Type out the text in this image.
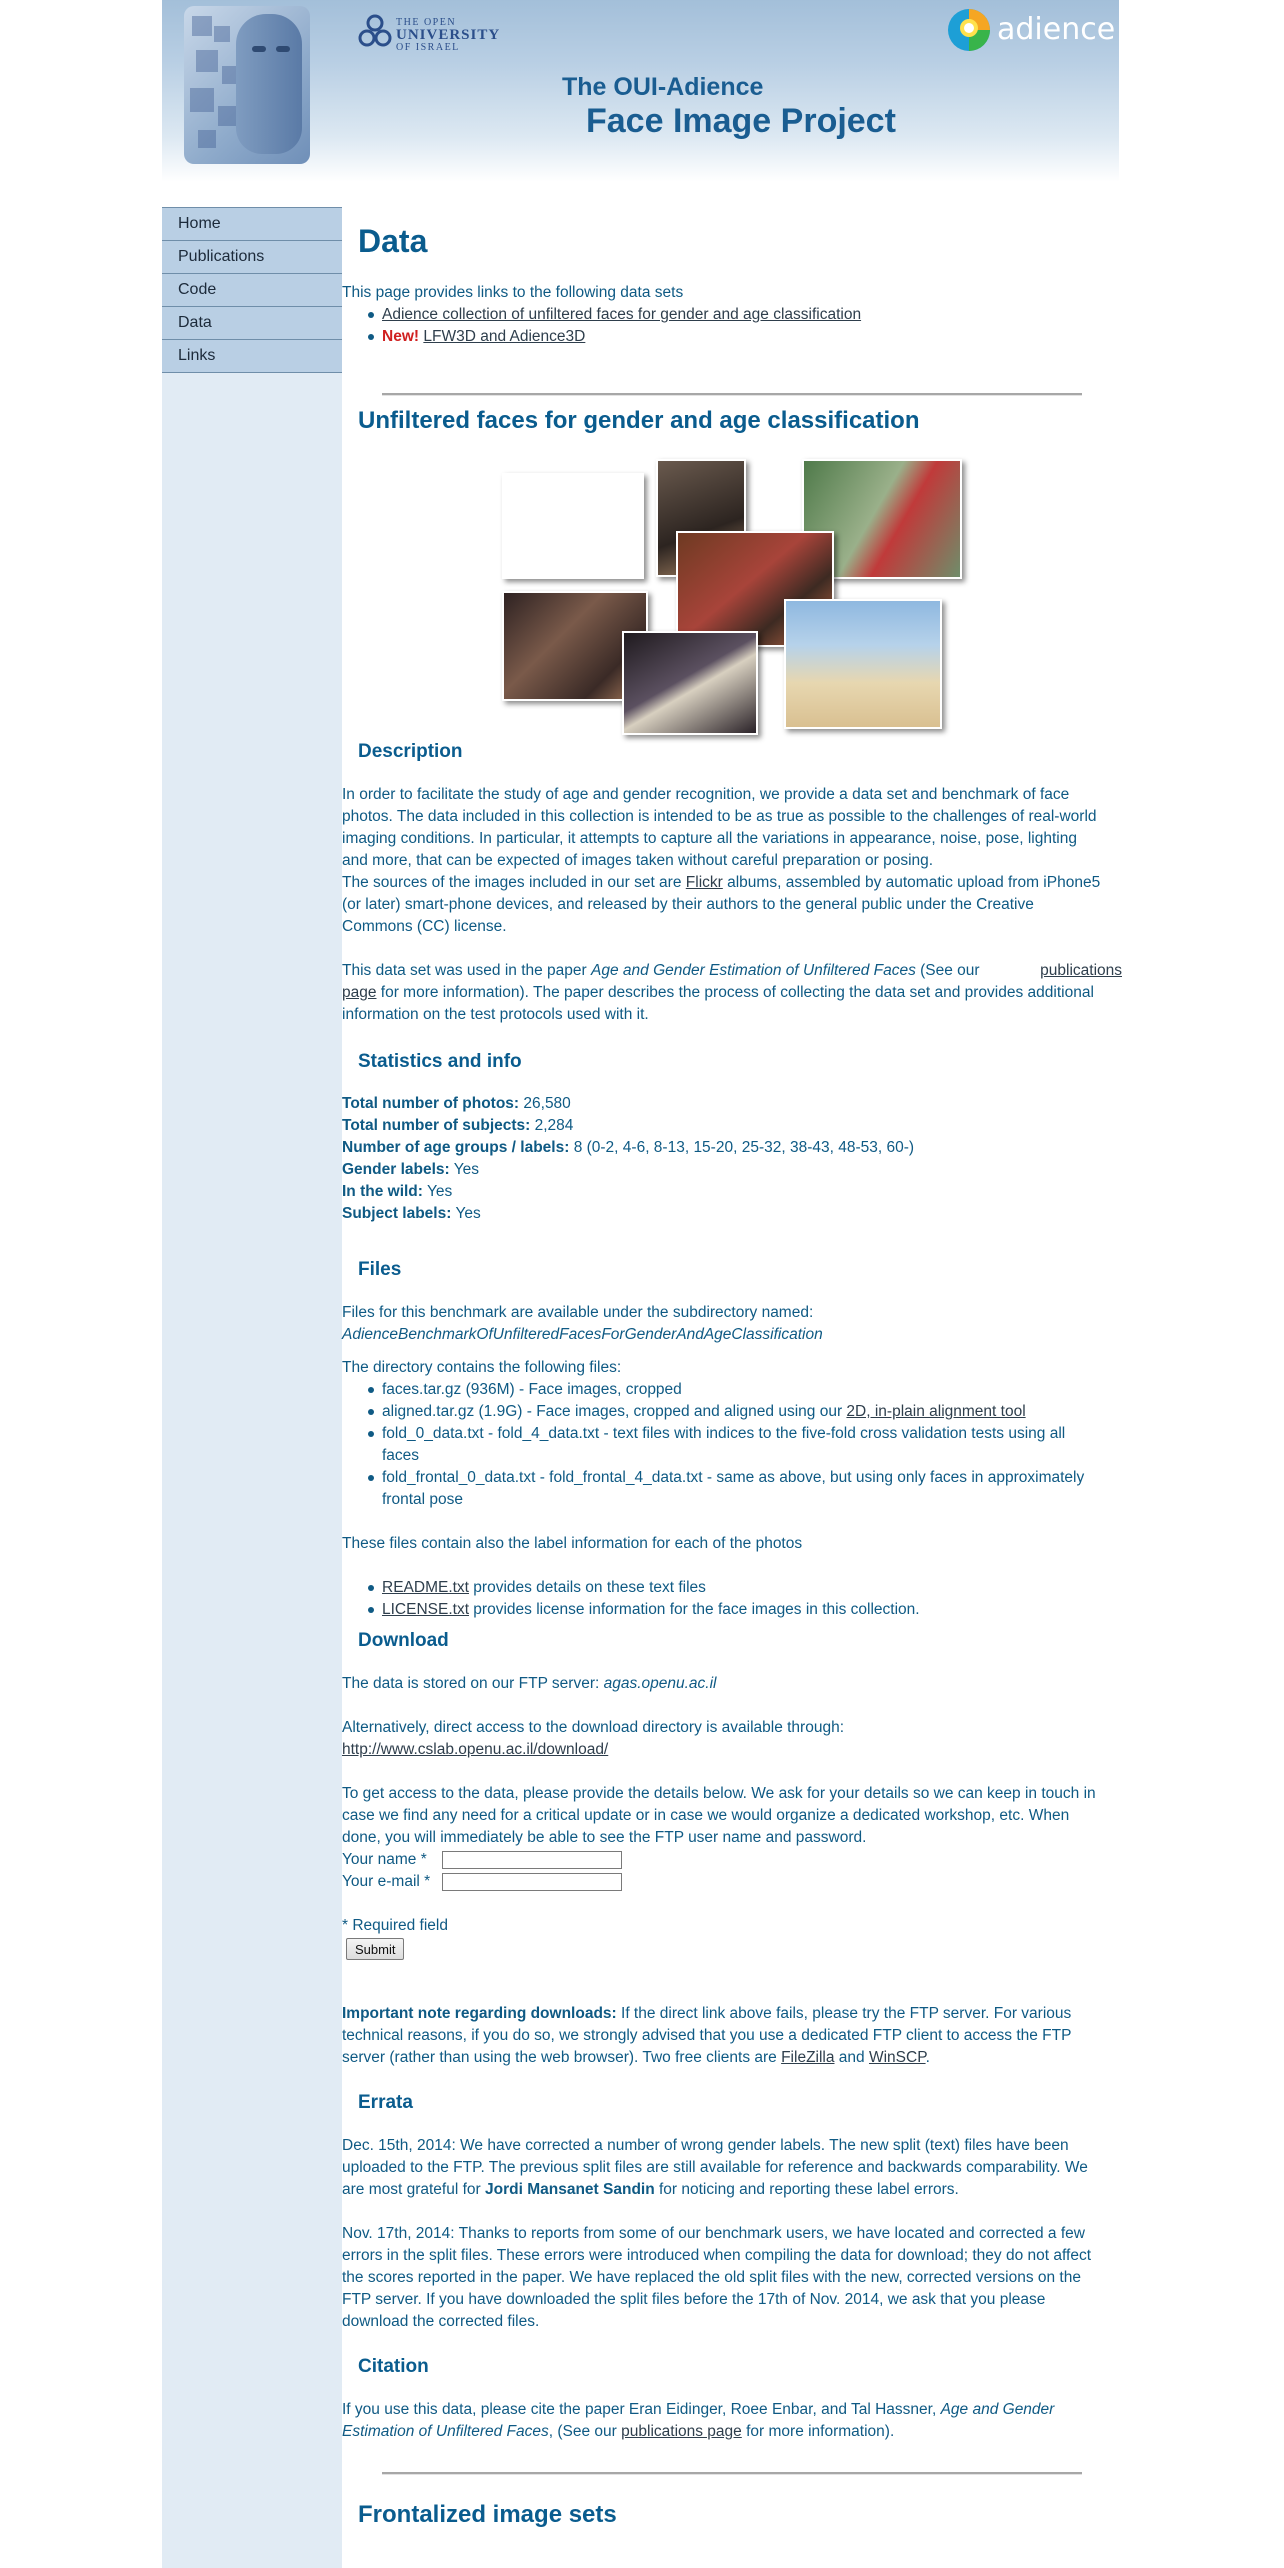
THE OPEN
UNIVERSITY
OF ISRAEL
adience
The OUI-Adience
Face Image Project
Home
Publications
Code
Data
Links
Data
This page provides links to the following data sets
Adience collection of unfiltered faces for gender and age classification
New! LFW3D and Adience3D
Unfiltered faces for gender and age classification
Description
In order to facilitate the study of age and gender recognition, we provide a data set and benchmark of face
photos. The data included in this collection is intended to be as true as possible to the challenges of real-world
imaging conditions. In particular, it attempts to capture all the variations in appearance, noise, pose, lighting
and more, that can be expected of images taken without careful preparation or posing.
The sources of the images included in our set are Flickr albums, assembled by automatic upload from iPhone5
(or later) smart-phone devices, and released by their authors to the general public under the Creative
Commons (CC) license.
This data set was used in the paper Age and Gender Estimation of Unfiltered Faces (See our	publications
page for more information). The paper describes the process of collecting the data set and provides additional
information on the test protocols used with it.
Statistics and info
Total number of photos: 26,580
Total number of subjects: 2,284
Number of age groups / labels: 8 (0-2, 4-6, 8-13, 15-20, 25-32, 38-43, 48-53, 60-)
Gender labels: Yes
In the wild: Yes
Subject labels: Yes
Files
Files for this benchmark are available under the subdirectory named:
AdienceBenchmarkOfUnfilteredFacesForGenderAndAgeClassification
The directory contains the following files:
faces.tar.gz (936M) - Face images, cropped
aligned.tar.gz (1.9G) - Face images, cropped and aligned using our 2D, in-plain alignment tool
fold_0_data.txt - fold_4_data.txt - text files with indices to the five-fold cross validation tests using all
faces
fold_frontal_0_data.txt - fold_frontal_4_data.txt - same as above, but using only faces in approximately
frontal pose
These files contain also the label information for each of the photos
README.txt provides details on these text files
LICENSE.txt provides license information for the face images in this collection.
Download
The data is stored on our FTP server: agas.openu.ac.il
Alternatively, direct access to the download directory is available through:
http://www.cslab.openu.ac.il/download/
To get access to the data, please provide the details below. We ask for your details so we can keep in touch in
case we find any need for a critical update or in case we would organize a dedicated workshop, etc. When
done, you will immediately be able to see the FTP user name and password.
Your name *
Your e-mail *
* Required field
Submit
Important note regarding downloads: If the direct link above fails, please try the FTP server. For various
technical reasons, if you do so, we strongly advised that you use a dedicated FTP client to access the FTP
server (rather than using the web browser). Two free clients are FileZilla and WinSCP.
Errata
Dec. 15th, 2014: We have corrected a number of wrong gender labels. The new split (text) files have been
uploaded to the FTP. The previous split files are still available for reference and backwards comparability. We
are most grateful for Jordi Mansanet Sandin for noticing and reporting these label errors.
Nov. 17th, 2014: Thanks to reports from some of our benchmark users, we have located and corrected a few
errors in the split files. These errors were introduced when compiling the data for download; they do not affect
the scores reported in the paper. We have replaced the old split files with the new, corrected versions on the
FTP server. If you have downloaded the split files before the 17th of Nov. 2014, we ask that you please
download the corrected files.
Citation
If you use this data, please cite the paper Eran Eidinger, Roee Enbar, and Tal Hassner, Age and Gender
Estimation of Unfiltered Faces, (See our publications page for more information).
Frontalized image sets
